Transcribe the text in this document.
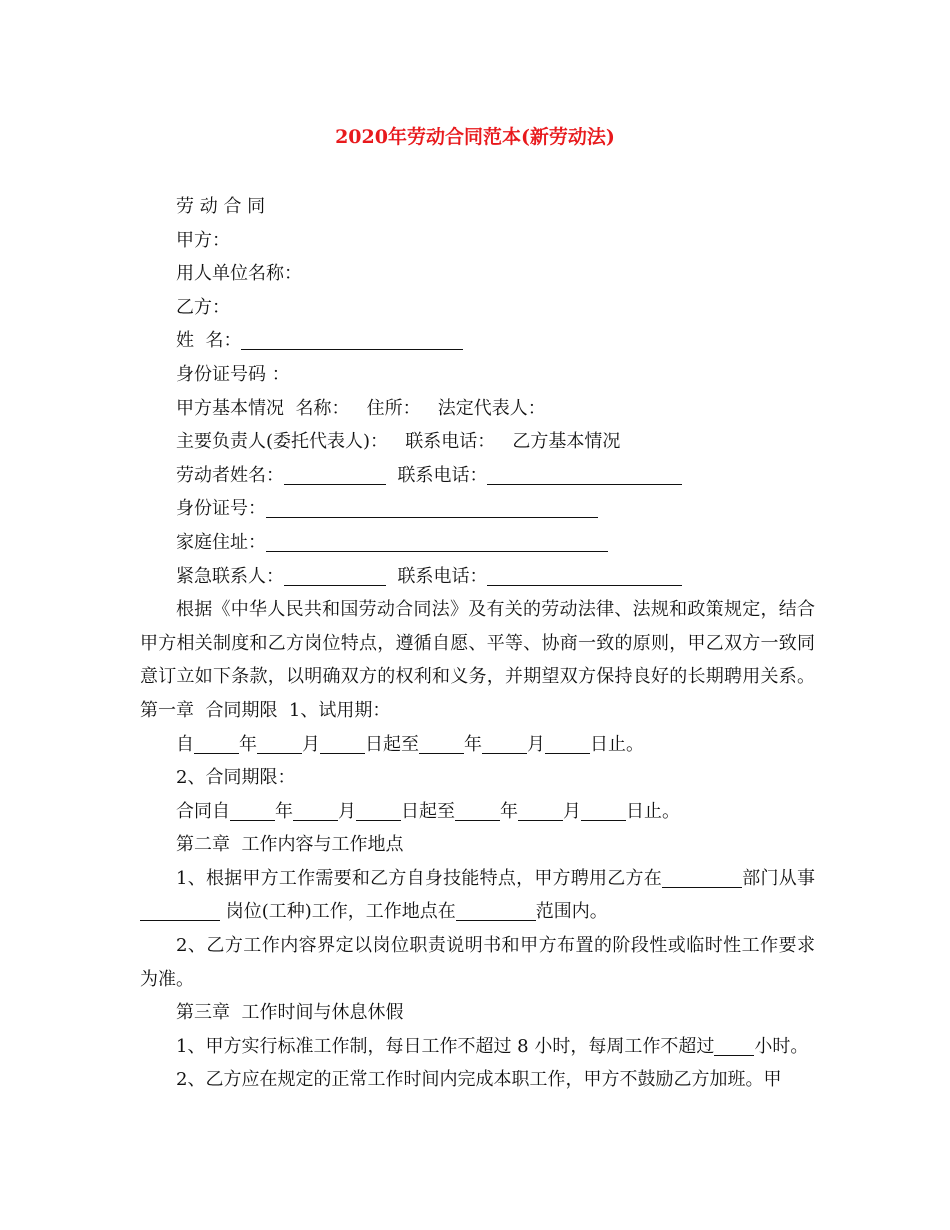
2020年劳动合同范本(新劳动法)
劳 动 合 同
甲方：
用人单位名称：
乙方：
姓  名：
身份证号码 ：
甲方基本情况  名称：   住所：   法定代表人：
主要负责人(委托代表人)：   联系电话：   乙方基本情况
劳动者姓名：	联系电话：
身份证号：
家庭住址：
紧急联系人：	联系电话：
根据《中华人民共和国劳动合同法》及有关的劳动法律、法规和政策规定，结合甲方相关制度和乙方岗位特点，遵循自愿、平等、协商一致的原则，甲乙双方一致同意订立如下条款，以明确双方的权利和义务，并期望双方保持良好的长期聘用关系。  第一章  合同期限  1、试用期：
自	年	月	日起至	年	月	日止。
2、合同期限：
合同自	年	月	日起至	年	月	日止。
第二章  工作内容与工作地点
1、根据甲方工作需要和乙方自身技能特点，甲方聘用乙方在	部门从事 岗位(工种)工作，工作地点在	范围内。
2、乙方工作内容界定以岗位职责说明书和甲方布置的阶段性或临时性工作要求为准。
第三章  工作时间与休息休假
1、甲方实行标准工作制，每日工作不超过 8 小时，每周工作不超过 小时。
2、乙方应在规定的正常工作时间内完成本职工作，甲方不鼓励乙方加班。甲
